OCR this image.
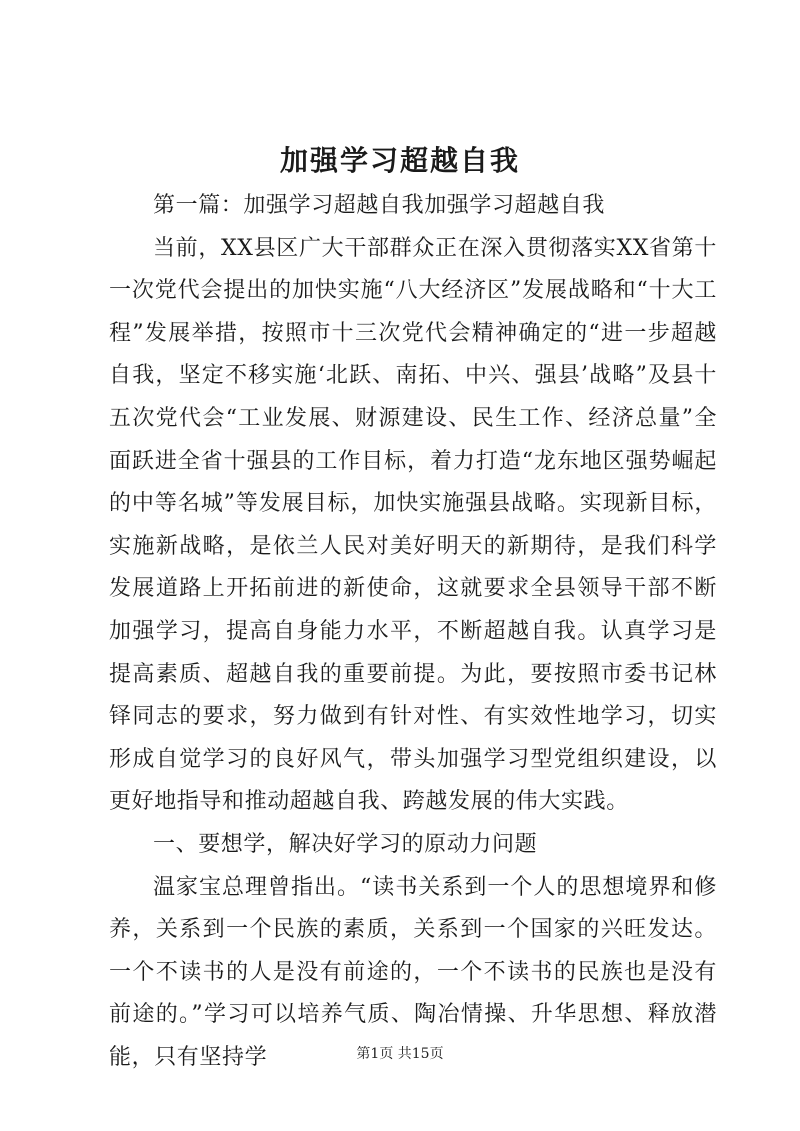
加强学习超越自我

第一篇：加强学习超越自我加强学习超越自我

当前，XX县区广大干部群众正在深入贯彻落实XX省第十一次党代会提出的加快实施“八大经济区”发展战略和“十大工程”发展举措，按照市十三次党代会精神确定的“进一步超越自我，坚定不移实施‘北跃、南拓、中兴、强县’战略”及县十五次党代会“工业发展、财源建设、民生工作、经济总量”全面跃进全省十强县的工作目标，着力打造“龙东地区强势崛起的中等名城”等发展目标，加快实施强县战略。实现新目标，实施新战略，是依兰人民对美好明天的新期待，是我们科学发展道路上开拓前进的新使命，这就要求全县领导干部不断加强学习，提高自身能力水平，不断超越自我。认真学习是提高素质、超越自我的重要前提。为此，要按照市委书记林铎同志的要求，努力做到有针对性、有实效性地学习，切实形成自觉学习的良好风气，带头加强学习型党组织建设，以更好地指导和推动超越自我、跨越发展的伟大实践。

一、要想学，解决好学习的原动力问题

温家宝总理曾指出。“读书关系到一个人的思想境界和修养，关系到一个民族的素质，关系到一个国家的兴旺发达。一个不读书的人是没有前途的，一个不读书的民族也是没有前途的。”学习可以培养气质、陶冶情操、升华思想、释放潜能，只有坚持学	第1页 共15页
